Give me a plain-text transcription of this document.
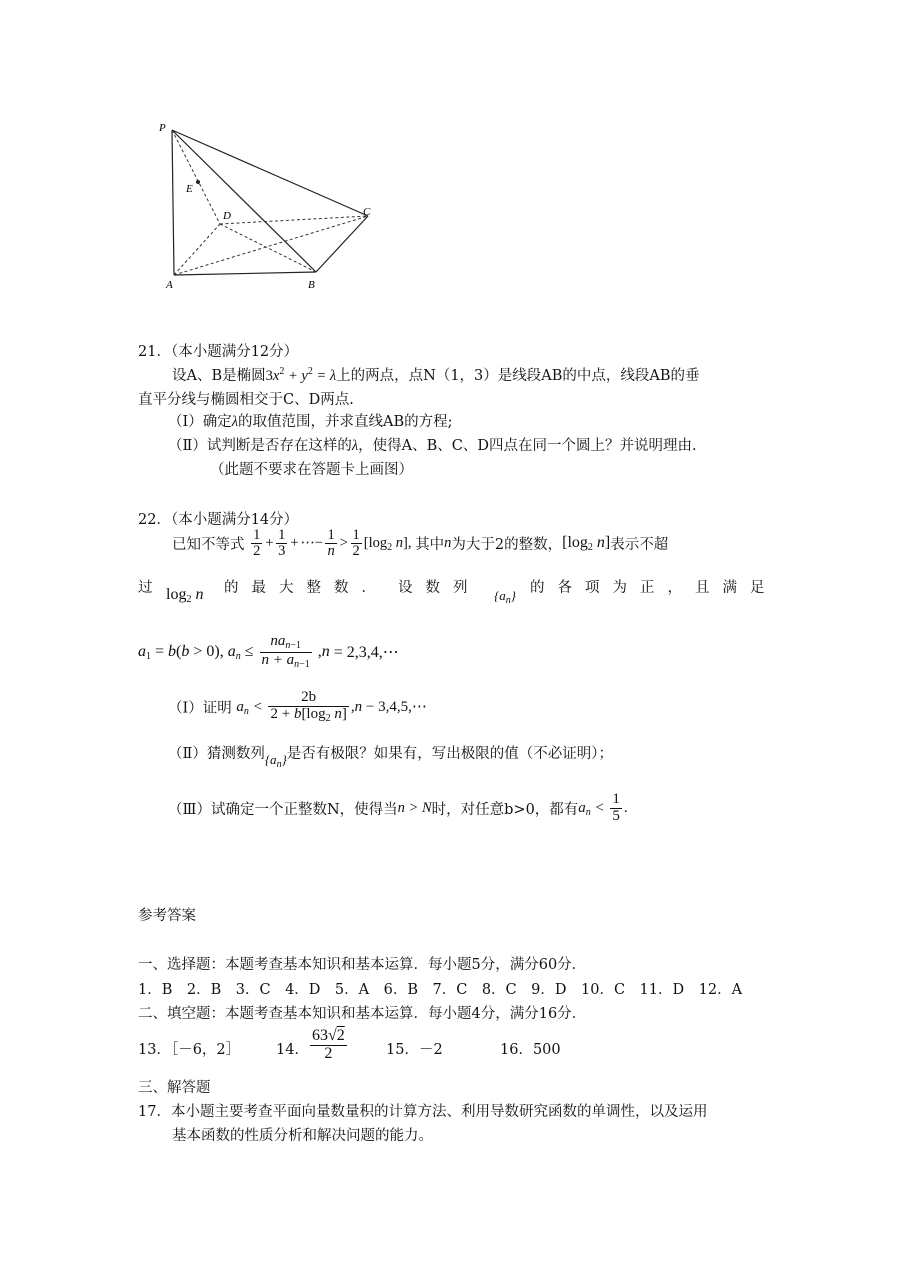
P
E
D	C
A	B
21．（本小题满分12分）
设A、B是椭圆$3x^2 + y^2 = \lambda$上的两点，点N（1，3）是线段AB的中点，线段AB的垂
直平分线与椭圆相交于C、D两点.
（Ⅰ）确定λ的取值范围，并求直线AB的方程;
（Ⅱ）试判断是否存在这样的λ，使得A、B、C、D四点在同一个圆上？并说明理由.
（此题不要求在答题卡上画图）
22．（本小题满分14分）
已知不等式 $\frac{1}{2} + \frac{1}{3}$ +⋯− $\frac{1}{n} > \frac{1}{2} [\log_2$ n], 其中n为大于2的整数，[$\log_2$ n]表示不超
过 $\log_2 n$ 的最大整数． 设数列 $\{a_n\}$ 的各项为正，且满足
$a_1 = b(b > 0)$, an ≤ $\frac{na_{n-1}}{n + a_{n-1}} ,n$ = 2,3,4,⋯
（Ⅰ）证明 $a_n < \frac{2b}{2 + b[\log_2 n]} ,n$ − 3,4,5,⋯
（Ⅱ）猜测数列$\{a_n\}$是否有极限？如果有，写出极限的值（不必证明）；
（Ⅲ）试确定一个正整数N，使得当n > N时，对任意b>0，都有$a_n < \frac{1}{5}$ .
参考答案
一、选择题：本题考查基本知识和基本运算．每小题5分，满分60分．
1．B　2．B　3．C　4．D　5．A　6．B　7．C　8．C　9．D　10．C　11．D　12．A
二、填空题：本题考查基本知识和基本运算．每小题4分，满分16分．
13．［－6，2］ 14． $\frac{63√2}{2}$	15．－2	16．500
三、解答题
17．本小题主要考查平面向量数量积的计算方法、利用导数研究函数的单调性，以及运用
基本函数的性质分析和解决问题的能力。
